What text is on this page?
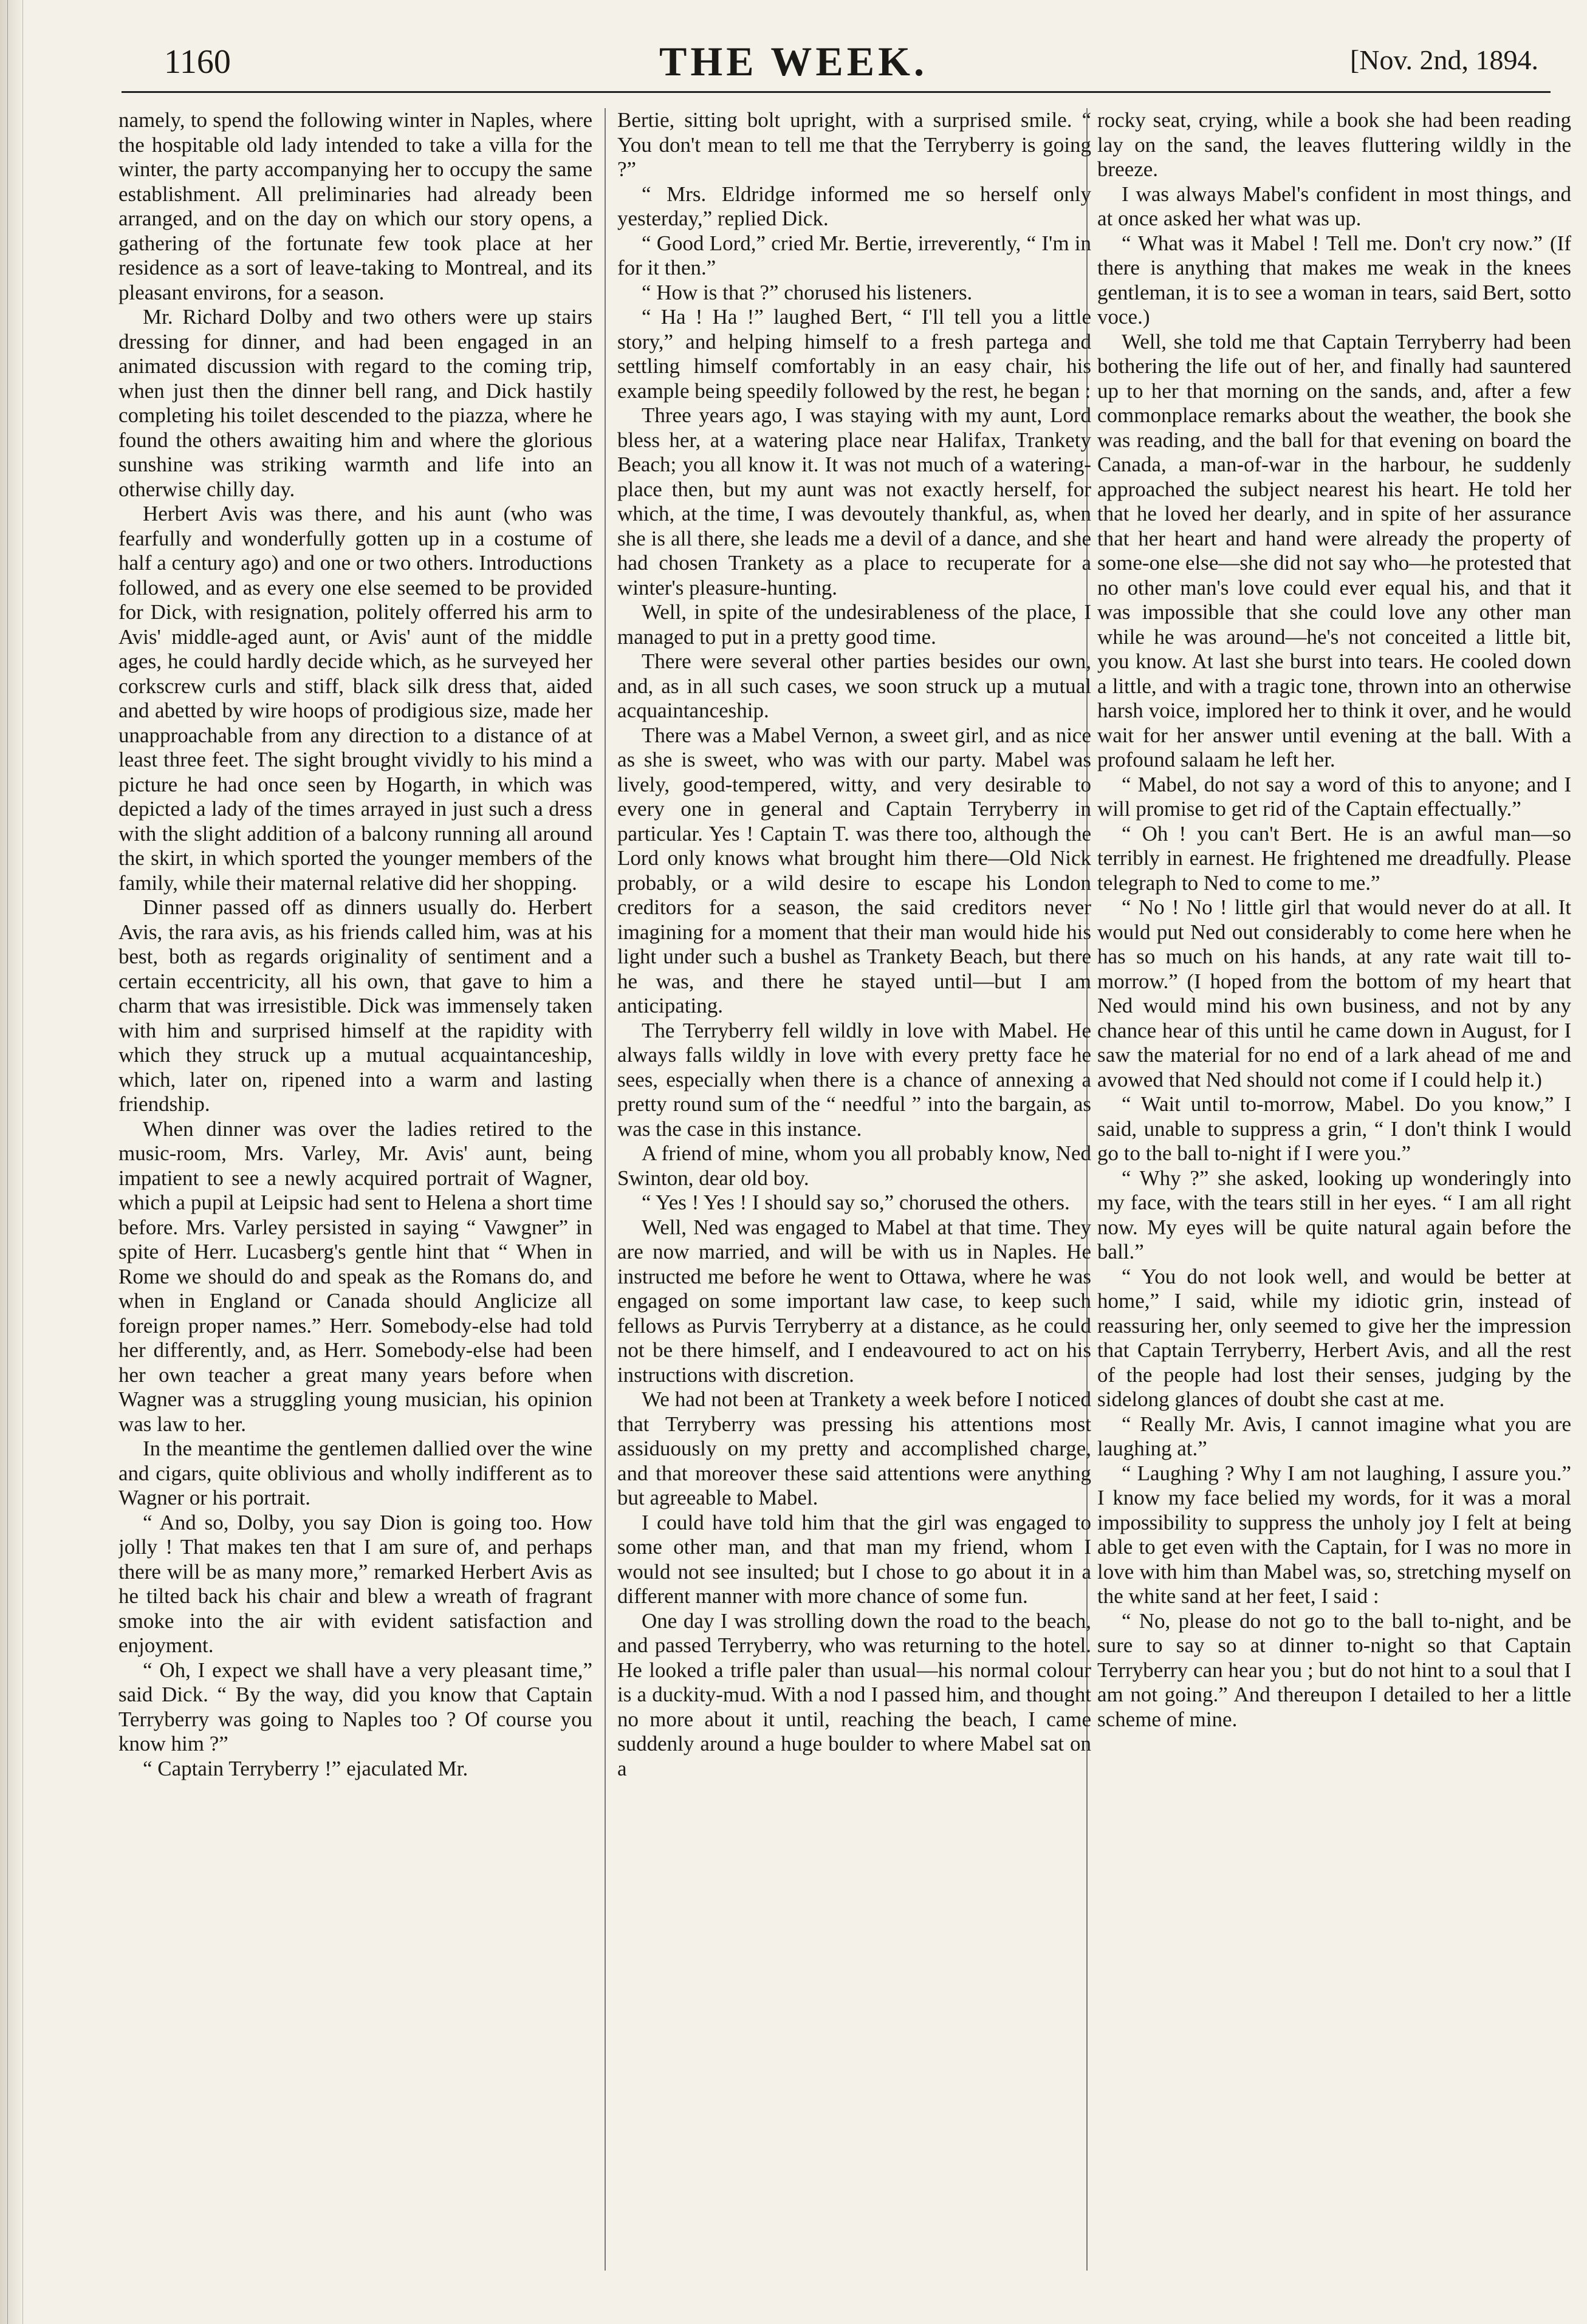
1160	THE WEEK.	[Nov. 2nd, 1894.

namely, to spend the following winter in Naples, where the hospitable old lady intended to take a villa for the winter, the party accompanying her to occupy the same establishment. All preliminaries had already been arranged, and on the day on which our story opens, a gathering of the fortunate few took place at her residence as a sort of leave-taking to Montreal, and its pleasant environs, for a season.

Mr. Richard Dolby and two others were up stairs dressing for dinner, and had been engaged in an animated discussion with regard to the coming trip, when just then the dinner bell rang, and Dick hastily completing his toilet descended to the piazza, where he found the others awaiting him and where the glorious sunshine was striking warmth and life into an otherwise chilly day.

Herbert Avis was there, and his aunt (who was fearfully and wonderfully gotten up in a costume of half a century ago) and one or two others. Introductions followed, and as every one else seemed to be provided for Dick, with resignation, politely offerred his arm to Avis' middle-aged aunt, or Avis' aunt of the middle ages, he could hardly decide which, as he surveyed her corkscrew curls and stiff, black silk dress that, aided and abetted by wire hoops of prodigious size, made her unapproachable from any direction to a distance of at least three feet. The sight brought vividly to his mind a picture he had once seen by Hogarth, in which was depicted a lady of the times arrayed in just such a dress with the slight addition of a balcony running all around the skirt, in which sported the younger members of the family, while their maternal relative did her shopping.

Dinner passed off as dinners usually do. Herbert Avis, the rara avis, as his friends called him, was at his best, both as regards originality of sentiment and a certain eccentricity, all his own, that gave to him a charm that was irresistible. Dick was immensely taken with him and surprised himself at the rapidity with which they struck up a mutual acquaintanceship, which, later on, ripened into a warm and lasting friendship.

When dinner was over the ladies retired to the music-room, Mrs. Varley, Mr. Avis' aunt, being impatient to see a newly acquired portrait of Wagner, which a pupil at Leipsic had sent to Helena a short time before. Mrs. Varley persisted in saying “ Vawgner” in spite of Herr. Lucasberg's gentle hint that “ When in Rome we should do and speak as the Romans do, and when in England or Canada should Anglicize all foreign proper names.” Herr. Somebody-else had told her differently, and, as Herr. Somebody-else had been her own teacher a great many years before when Wagner was a struggling young musician, his opinion was law to her.

In the meantime the gentlemen dallied over the wine and cigars, quite oblivious and wholly indifferent as to Wagner or his portrait.

“ And so, Dolby, you say Dion is going too. How jolly ! That makes ten that I am sure of, and perhaps there will be as many more,” remarked Herbert Avis as he tilted back his chair and blew a wreath of fragrant smoke into the air with evident satisfaction and enjoyment.

“ Oh, I expect we shall have a very pleasant time,” said Dick. “ By the way, did you know that Captain Terryberry was going to Naples too ? Of course you know him ?”

“ Captain Terryberry !” ejaculated Mr.

Bertie, sitting bolt upright, with a surprised smile. “ You don't mean to tell me that the Terryberry is going ?”

“ Mrs. Eldridge informed me so herself only yesterday,” replied Dick.

“ Good Lord,” cried Mr. Bertie, irreverently, “ I'm in for it then.”

“ How is that ?” chorused his listeners.

“ Ha ! Ha !” laughed Bert, “ I'll tell you a little story,” and helping himself to a fresh partega and settling himself comfortably in an easy chair, his example being speedily followed by the rest, he began :

Three years ago, I was staying with my aunt, Lord bless her, at a watering place near Halifax, Trankety Beach; you all know it. It was not much of a watering-place then, but my aunt was not exactly herself, for which, at the time, I was devoutely thankful, as, when she is all there, she leads me a devil of a dance, and she had chosen Trankety as a place to recuperate for a winter's pleasure-hunting.

Well, in spite of the undesirableness of the place, I managed to put in a pretty good time.

There were several other parties besides our own, and, as in all such cases, we soon struck up a mutual acquaintanceship.

There was a Mabel Vernon, a sweet girl, and as nice as she is sweet, who was with our party. Mabel was lively, good-tempered, witty, and very desirable to every one in general and Captain Terryberry in particular. Yes ! Captain T. was there too, although the Lord only knows what brought him there—Old Nick probably, or a wild desire to escape his London creditors for a season, the said creditors never imagining for a moment that their man would hide his light under such a bushel as Trankety Beach, but there he was, and there he stayed until—but I am anticipating.

The Terryberry fell wildly in love with Mabel. He always falls wildly in love with every pretty face he sees, especially when there is a chance of annexing a pretty round sum of the “ needful ” into the bargain, as was the case in this instance.

A friend of mine, whom you all probably know, Ned Swinton, dear old boy.

“ Yes ! Yes ! I should say so,” chorused the others.

Well, Ned was engaged to Mabel at that time. They are now married, and will be with us in Naples. He instructed me before he went to Ottawa, where he was engaged on some important law case, to keep such fellows as Purvis Terryberry at a distance, as he could not be there himself, and I endeavoured to act on his instructions with discretion.

We had not been at Trankety a week before I noticed that Terryberry was pressing his attentions most assiduously on my pretty and accomplished charge, and that moreover these said attentions were anything but agreeable to Mabel.

I could have told him that the girl was engaged to some other man, and that man my friend, whom I would not see insulted; but I chose to go about it in a different manner with more chance of some fun.

One day I was strolling down the road to the beach, and passed Terryberry, who was returning to the hotel. He looked a trifle paler than usual—his normal colour is a duckity-mud. With a nod I passed him, and thought no more about it until, reaching the beach, I came suddenly around a huge boulder to where Mabel sat on a

rocky seat, crying, while a book she had been reading lay on the sand, the leaves fluttering wildly in the breeze.

I was always Mabel's confident in most things, and at once asked her what was up.

“ What was it Mabel ! Tell me. Don't cry now.” (If there is anything that makes me weak in the knees gentleman, it is to see a woman in tears, said Bert, sotto voce.)

Well, she told me that Captain Terryberry had been bothering the life out of her, and finally had sauntered up to her that morning on the sands, and, after a few commonplace remarks about the weather, the book she was reading, and the ball for that evening on board the Canada, a man-of-war in the harbour, he suddenly approached the subject nearest his heart. He told her that he loved her dearly, and in spite of her assurance that her heart and hand were already the property of some-one else—she did not say who—he protested that no other man's love could ever equal his, and that it was impossible that she could love any other man while he was around—he's not conceited a little bit, you know. At last she burst into tears. He cooled down a little, and with a tragic tone, thrown into an otherwise harsh voice, implored her to think it over, and he would wait for her answer until evening at the ball. With a profound salaam he left her.

“ Mabel, do not say a word of this to anyone; and I will promise to get rid of the Captain effectually.”

“ Oh ! you can't Bert. He is an awful man—so terribly in earnest. He frightened me dreadfully. Please telegraph to Ned to come to me.”

“ No ! No ! little girl that would never do at all. It would put Ned out considerably to come here when he has so much on his hands, at any rate wait till to-morrow.” (I hoped from the bottom of my heart that Ned would mind his own business, and not by any chance hear of this until he came down in August, for I saw the material for no end of a lark ahead of me and avowed that Ned should not come if I could help it.)

“ Wait until to-morrow, Mabel. Do you know,” I said, unable to suppress a grin, “ I don't think I would go to the ball to-night if I were you.”

“ Why ?” she asked, looking up wonderingly into my face, with the tears still in her eyes. “ I am all right now. My eyes will be quite natural again before the ball.”

“ You do not look well, and would be better at home,” I said, while my idiotic grin, instead of reassuring her, only seemed to give her the impression that Captain Terryberry, Herbert Avis, and all the rest of the people had lost their senses, judging by the sidelong glances of doubt she cast at me.

“ Really Mr. Avis, I cannot imagine what you are laughing at.”

“ Laughing ? Why I am not laughing, I assure you.” I know my face belied my words, for it was a moral impossibility to suppress the unholy joy I felt at being able to get even with the Captain, for I was no more in love with him than Mabel was, so, stretching myself on the white sand at her feet, I said :

“ No, please do not go to the ball to-night, and be sure to say so at dinner to-night so that Captain Terryberry can hear you ; but do not hint to a soul that I am not going.” And thereupon I detailed to her a little scheme of mine.
